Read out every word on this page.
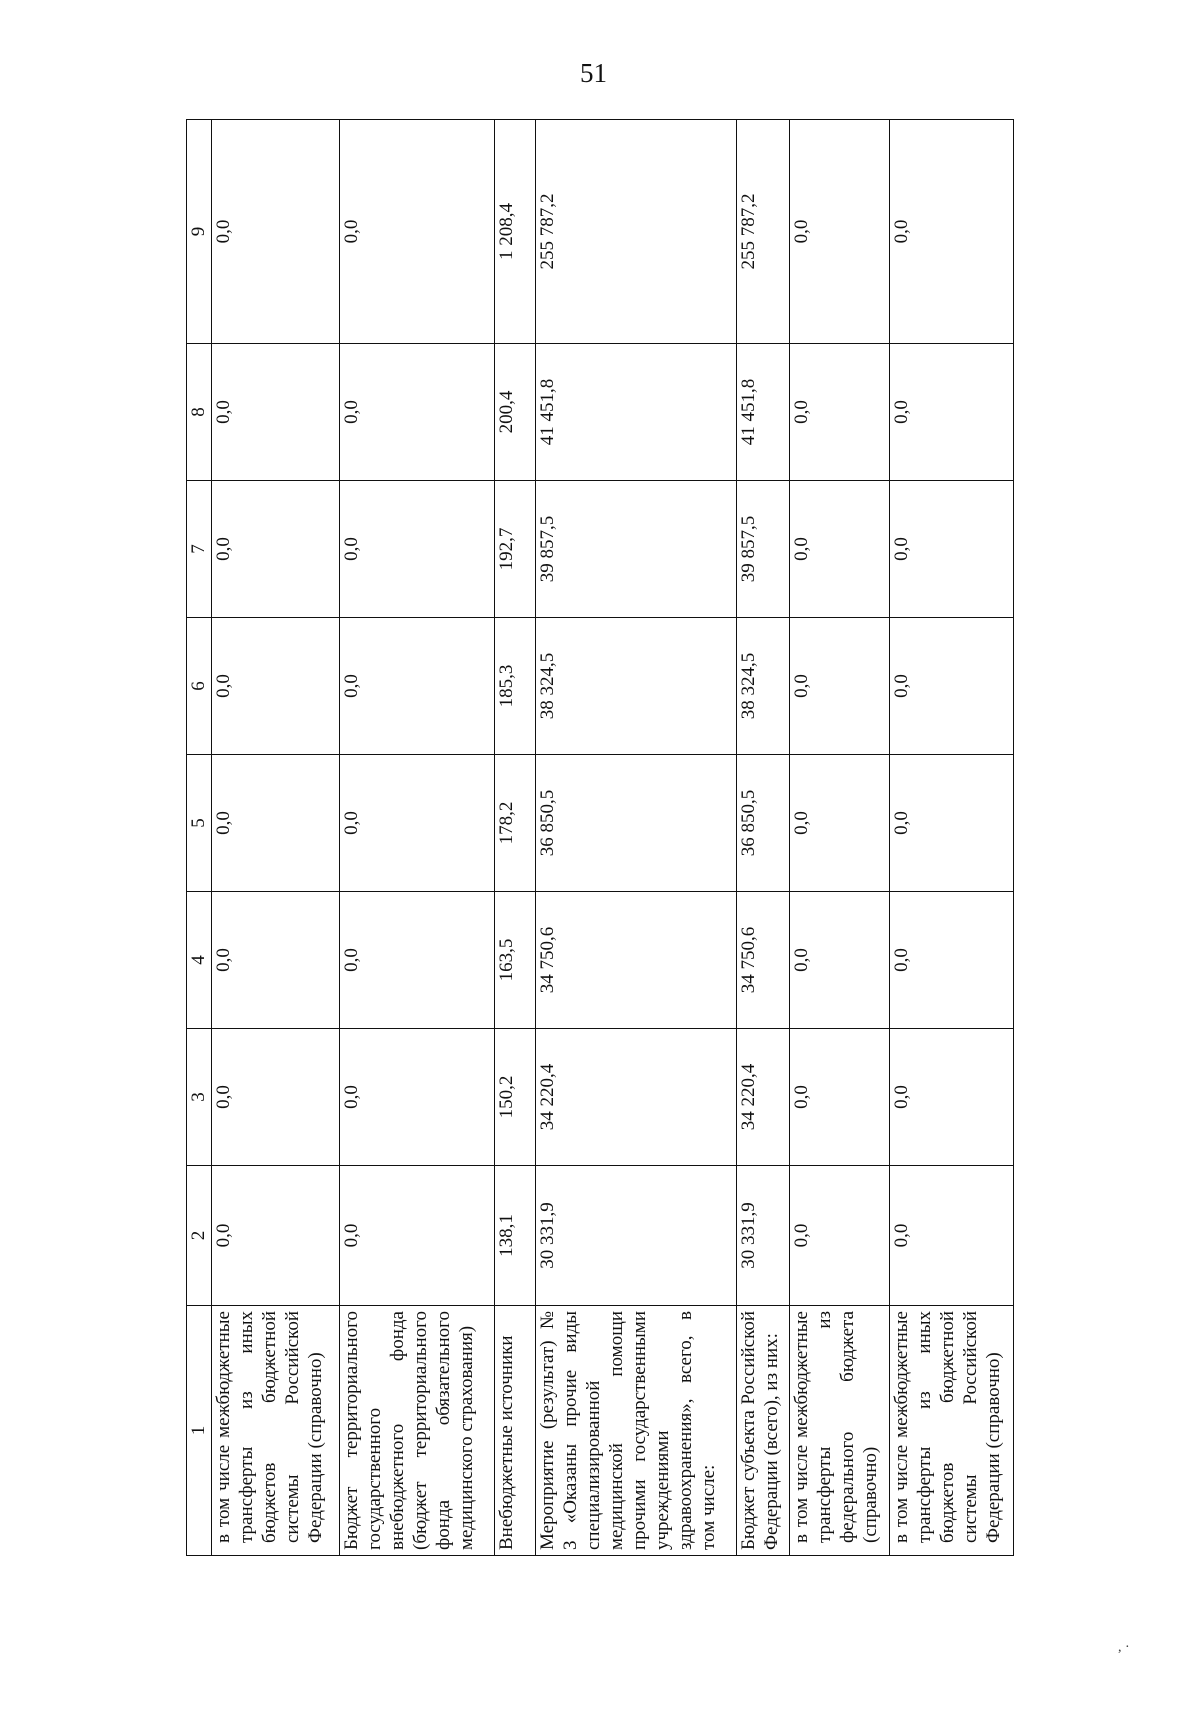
51
1	2	3	4	5	6	7	8	9
в том числе межбюджетные трансферты из иных бюджетов бюджетной системы Российской Федерации (справочно)	0,0	0,0	0,0	0,0	0,0	0,0	0,0	0,0
Бюджет территориального государственного внебюджетного фонда (бюджет территориального фонда обязательного медицинского страхования)	0,0	0,0	0,0	0,0	0,0	0,0	0,0	0,0
Внебюджетные источники	138,1	150,2	163,5	178,2	185,3	192,7	200,4	1 208,4
Мероприятие (результат) № 3 «Оказаны прочие виды специализированной медицинской помощи прочими государственными учреждениями здравоохранения», всего, в том числе:	30 331,9	34 220,4	34 750,6	36 850,5	38 324,5	39 857,5	41 451,8	255 787,2
Бюджет субъекта Российской Федерации (всего), из них:	30 331,9	34 220,4	34 750,6	36 850,5	38 324,5	39 857,5	41 451,8	255 787,2
в том числе межбюджетные трансферты из федерального бюджета (справочно)	0,0	0,0	0,0	0,0	0,0	0,0	0,0	0,0
в том числе межбюджетные трансферты из иных бюджетов бюджетной системы Российской Федерации (справочно)	0,0	0,0	0,0	0,0	0,0	0,0	0,0	0,0
, ·
